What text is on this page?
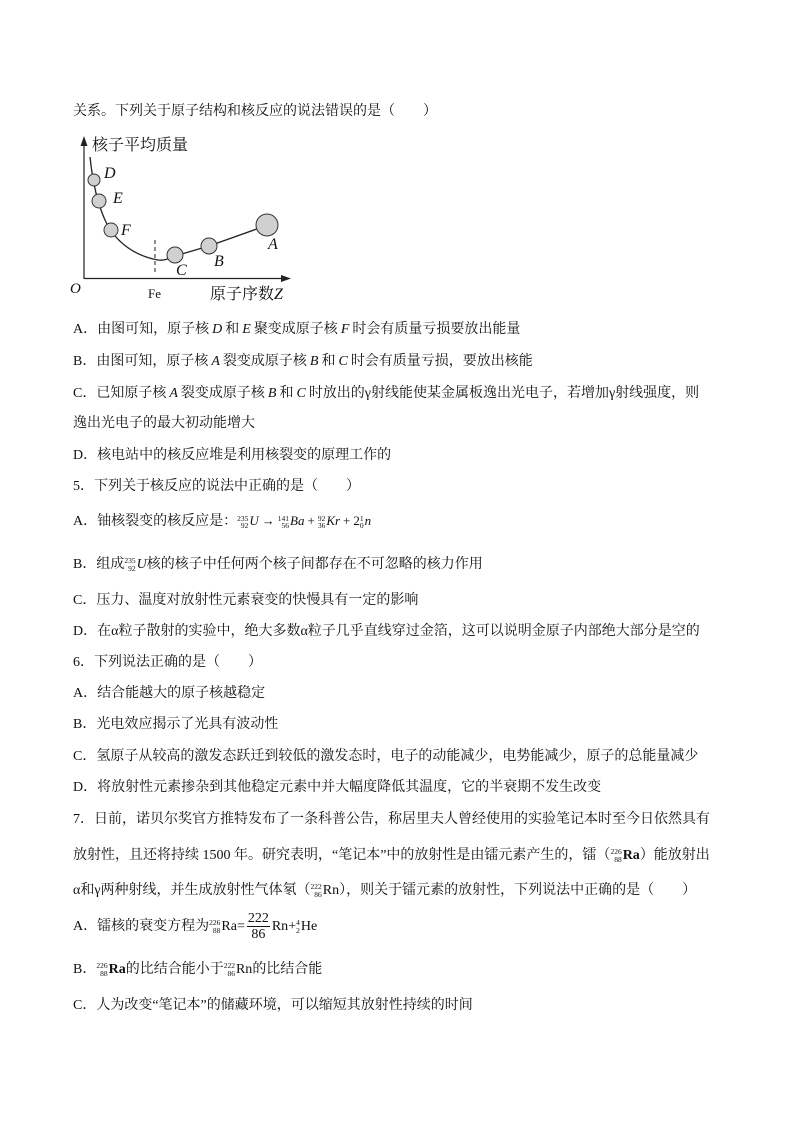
关系。下列关于原子结构和核反应的说法错误的是（　　）
核子平均质量
原子序数Z
O	Fe
D
E
F
C
B
A
A．由图可知，原子核 D 和 E 聚变成原子核 F 时会有质量亏损要放出能量
B．由图可知，原子核 A 裂变成原子核 B 和 C 时会有质量亏损，要放出核能
C．已知原子核 A 裂变成原子核 B 和 C 时放出的γ射线能使某金属板逸出光电子，若增加γ射线强度，则
逸出光电子的最大初动能增大
D．核电站中的核反应堆是利用核裂变的原理工作的
5．下列关于核反应的说法中正确的是（　　）
A．铀核裂变的核反应是： 235
92 U → 141
56 Ba + 92
36 Kr + 2 1
0 n
B．组成 235
92 U核的核子中任何两个核子间都存在不可忽略的核力作用
C．压力、温度对放射性元素衰变的快慢具有一定的影响
D．在α粒子散射的实验中，绝大多数α粒子几乎直线穿过金箔，这可以说明金原子内部绝大部分是空的
6．下列说法正确的是（　　）
A．结合能越大的原子核越稳定
B．光电效应揭示了光具有波动性
C．氢原子从较高的激发态跃迁到较低的激发态时，电子的动能减少，电势能减少，原子的总能量减少
D．将放射性元素掺杂到其他稳定元素中并大幅度降低其温度，它的半衰期不发生改变
7．日前，诺贝尔奖官方推特发布了一条科普公告，称居里夫人曾经使用的实验笔记本时至今日依然具有
放射性，且还将持续 1500 年。研究表明，“笔记本”中的放射性是由镭元素产生的，镭（ 226
88 Ra）能放射出
α和γ两种射线，并生成放射性气体氡（ 222
86 Rn），则关于镭元素的放射性，下列说法中正确的是（　　）
A．镭核的衰变方程为 226
88 $Ra= \frac{222}{86} Rn+ 4$
2 He
B． 226
88 Ra的比结合能小于 222
86 Rn的比结合能
C．人为改变“笔记本”的储藏环境，可以缩短其放射性持续的时间
